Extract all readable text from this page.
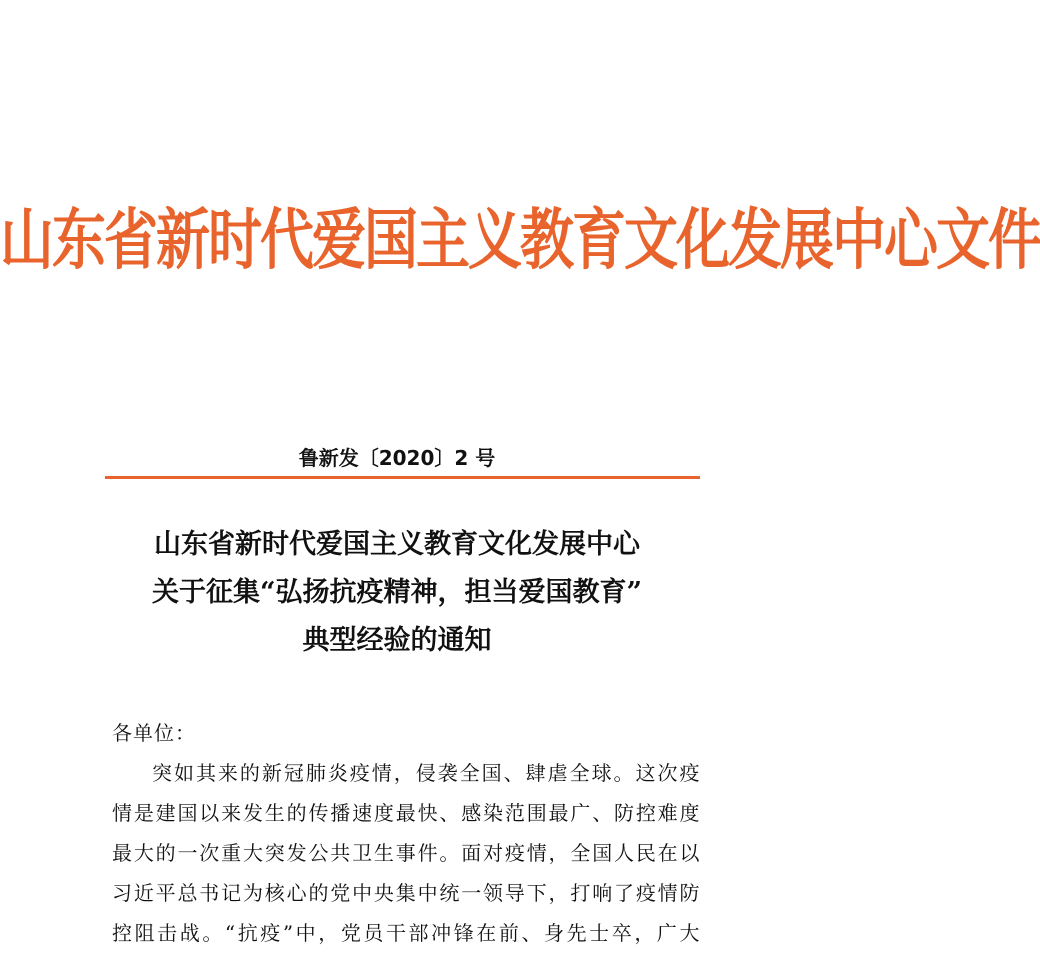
山东省新时代爱国主义教育文化发展中心文件
鲁新发〔2020〕2 号
山东省新时代爱国主义教育文化发展中心
关于征集“弘扬抗疫精神，担当爱国教育”
典型经验的通知
各单位：
突如其来的新冠肺炎疫情，侵袭全国、肆虐全球。这次疫
情是建国以来发生的传播速度最快、感染范围最广、防控难度
最大的一次重大突发公共卫生事件。面对疫情，全国人民在以
习近平总书记为核心的党中央集中统一领导下，打响了疫情防
控阻击战。“抗疫”中，党员干部冲锋在前、身先士卒，广大
